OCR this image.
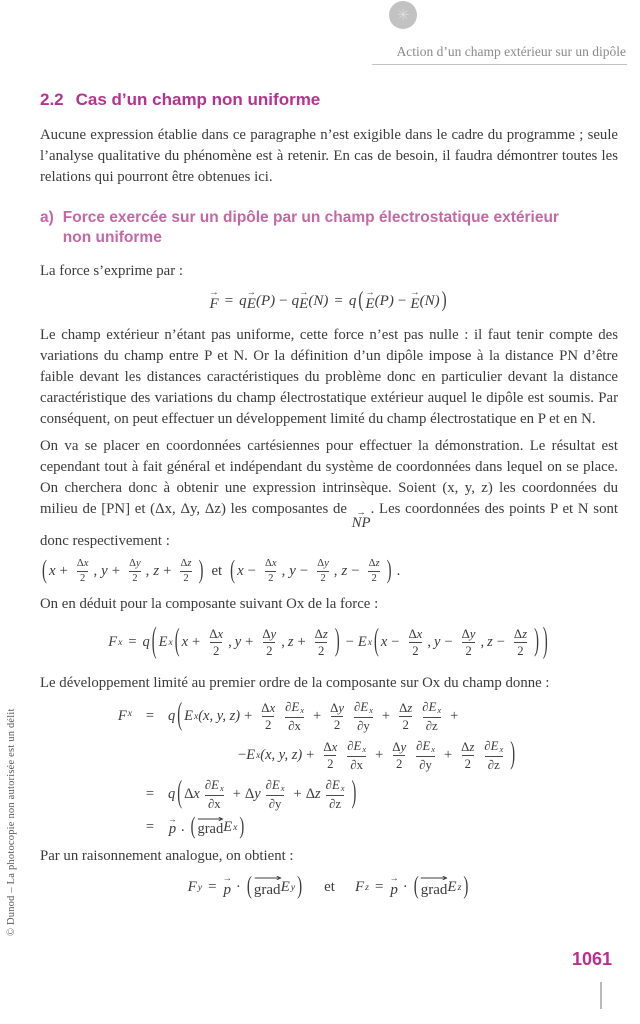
✳
Action d’un champ extérieur sur un dipôle
2.2 Cas d’un champ non uniforme

Aucune expression établie dans ce paragraphe n’est exigible dans le cadre du programme ; seule l’analyse qualitative du phénomène est à retenir. En cas de besoin, il faudra démontrer toutes les relations qui pourront être obtenues ici.

a) Force exercée sur un dipôle par un champ électrostatique extérieur non uniforme

La force s’exprime par :

→
F = q
→
E (P) − q
→
E (N) = q ( →
E (P) −
→
E (N) )

Le champ extérieur n’étant pas uniforme, cette force n’est pas nulle : il faut tenir compte des variations du champ entre P et N. Or la définition d’un dipôle impose à la distance PN d’être faible devant les distances caractéristiques du problème donc en particulier devant la distance caractéristique des variations du champ électrostatique extérieur auquel le dipôle est soumis. Par conséquent, on peut effectuer un développement limité du champ électrostatique en P et en N.

On va se placer en coordonnées cartésiennes pour effectuer la démonstration. Le résultat est cependant tout à fait général et indépendant du système de coordonnées dans lequel on se place. On cherchera donc à obtenir une expression intrinsèque. Soient (x, y, z) les coordonnées du milieu de [PN] et (Δx, Δy, Δz) les composantes de →
NP
. Les coordonnées des points P et N sont donc respectivement :

( $x + \frac{\Delta x}{2}$ , $y + \frac{\Delta y}{2}$ , $z + \frac{\Delta z}{2}$ ) et ( $x - \frac{\Delta x}{2}$ , $y - \frac{\Delta y}{2}$ , $z - \frac{\Delta z}{2}$ ) .

On en déduit pour la composante suivant Ox de la force :

F x = q ( E x ( $x + \frac{\Delta x}{2}$ , $y + \frac{\Delta y}{2}$ , $z + \frac{\Delta z}{2}$ ) − E x ( $x - \frac{\Delta x}{2}$ , $y - \frac{\Delta y}{2}$ , $z - \frac{\Delta z}{2}$ ) )

Le développement limité au premier ordre de la composante sur Ox du champ donne :

F x = q ( E x (x, y, $z) + \frac{\Delta x}{2} \frac{\partial Ex}{\partial x} + \frac{\Delta y}{2} \frac{\partial Ex}{\partial y} + \frac{\Delta z}{2} \frac{\partial Ex}{\partial z}$ +
− E x (x, y, $z) + \frac{\Delta x}{2} \frac{\partial Ex}{\partial x} + \frac{\Delta y}{2} \frac{\partial Ex}{\partial y} + \frac{\Delta z}{2} \frac{\partial Ex}{\partial z}$ )
= q ( Δ x $\frac{\partial Ex}{\partial x} + \Delta$ y $\frac{\partial Ex}{\partial y} + \Delta$ z $\frac{\partial Ex}{\partial z}$ )
=
→
p . ( ⟶
grad E x )

Par un raisonnement analogue, on obtient :

F y =
→
p · ( ⟶
grad E y ) et F z =
→
p · ( ⟶
grad E z )
© Dunod – La photocopie non autorisée est un délit
1061
